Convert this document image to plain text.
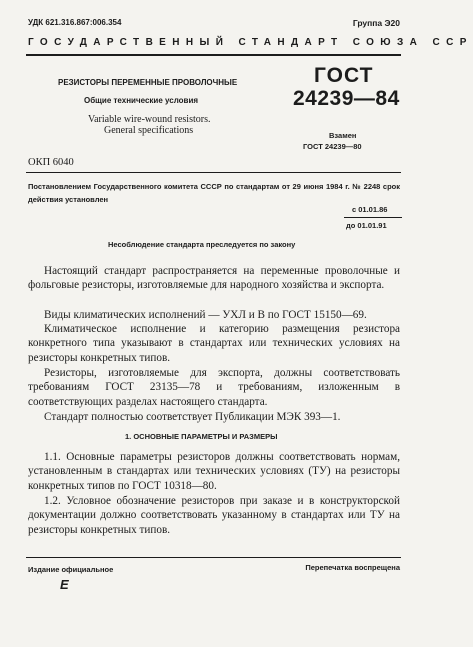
УДК 621.316.867:006.354	Группа Э20
ГОСУДАРСТВЕННЫЙ СТАНДАРТ СОЮЗА ССР
РЕЗИСТОРЫ ПЕРЕМЕННЫЕ ПРОВОЛОЧНЫЕ
Общие технические условия
Variable wire-wound resistors.
General specifications
ГОСТ
24239—84
Взамен
ГОСТ 24239—80
ОКП 6040
Постановлением Государственного комитета СССР по стандартам от 29 июня 1984 г. № 2248 срок действия установлен
с 01.01.86
до 01.01.91
Несоблюдение стандарта преследуется по закону

Настоящий стандарт распространяется на переменные проволочные и фольговые резисторы, изготовляемые для народного хозяйства и экспорта.

Виды климатических исполнений — УХЛ и В по ГОСТ 15150—69.

Климатическое исполнение и категорию размещения резистора конкретного типа указывают в стандартах или технических условиях на резисторы конкретных типов.

Резисторы, изготовляемые для экспорта, должны соответствовать требованиям ГОСТ 23135—78 и требованиям, изложенным в соответствующих разделах настоящего стандарта.

Стандарт полностью соответствует Публикации МЭК 393—1.

1. ОСНОВНЫЕ ПАРАМЕТРЫ И РАЗМЕРЫ

1.1. Основные параметры резисторов должны соответствовать нормам, установленным в стандартах или технических условиях (ТУ) на резисторы конкретных типов по ГОСТ 10318—80.

1.2. Условное обозначение резисторов при заказе и в конструкторской документации должно соответствовать указанному в стандартах или ТУ на резисторы конкретных типов.

Издание официальное	Перепечатка воспрещена
Е
